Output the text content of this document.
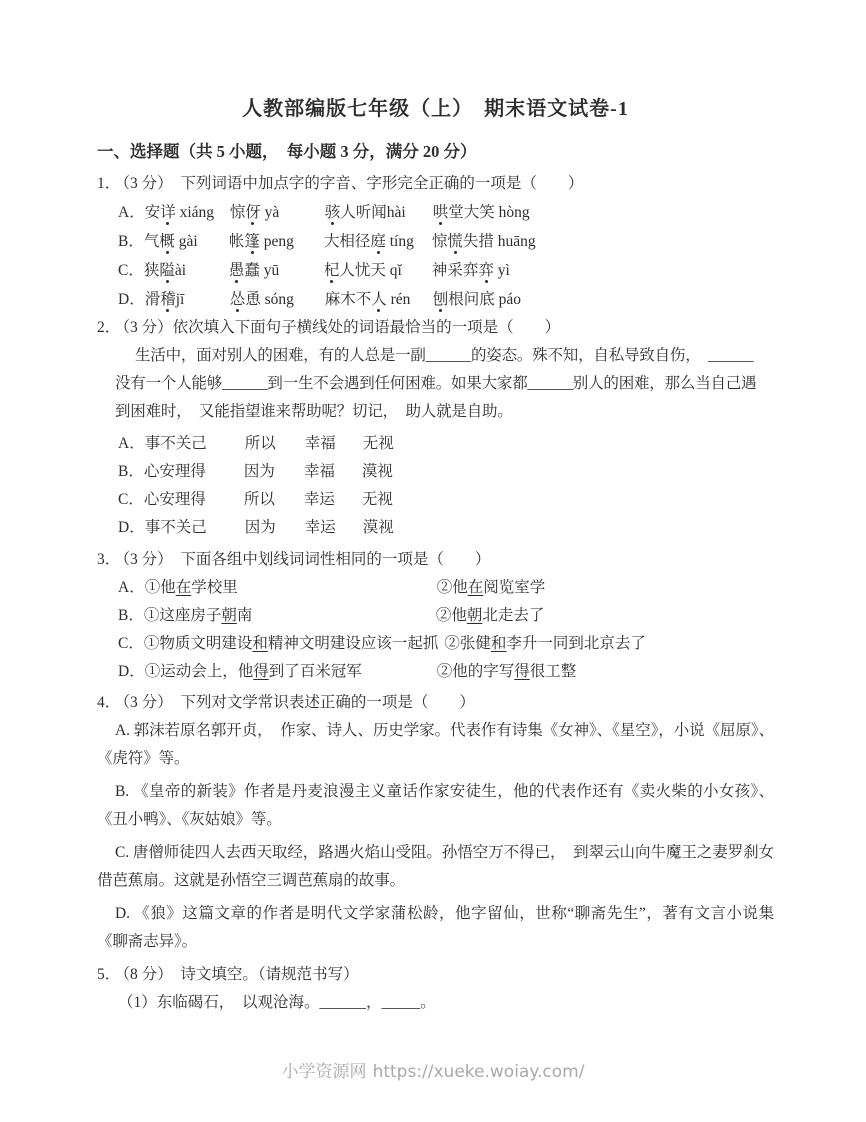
人教部编版七年级（上）　期末语文试卷-1
一、选择题（共 5 小题，　每小题 3 分，满分 20 分）

1． （3 分）　下列词语中加点字的字音、字形完全正确的一项是（　　）

A． 安详 xiáng	惊伢 yà	骇人听闻hài	哄堂大笑 hòng
B． 气概 gài	帐篷 peng	大相径庭 tíng	惊慌失措 huāng
C． 狭隘ài	愚蠢 yū	杞人忧天 qǐ	神采弈弈 yì
D． 滑稽jī	怂恿 sóng	麻木不人 rén	刨根问底 páo

2． （3 分）依次填入下面句子横线处的词语最恰当的一项是（　　）

生活中，面对别人的困难，有的人总是一副______的姿态。殊不知，自私导致自伤，　______
没有一个人能够______到一生不会遇到任何困难。如果大家都______别人的困难，那么当自己遇
到困难时，　又能指望谁来帮助呢？切记，　助人就是自助。
A． 事不关己	所以	幸福	无视
B． 心安理得	因为	幸福	漠视
C． 心安理得	所以	幸运	无视
D． 事不关己	因为	幸运	漠视

3． （3 分）　下面各组中划线词词性相同的一项是（　　）

A． ①他在学校里	②他在阅览室学
B． ①这座房子朝南	②他朝北走去了
C． ①物质文明建设和精神文明建设应该一起抓 ②张健和李升一同到北京去了
D． ①运动会上，他得到了百米冠军	②他的字写得很工整

4． （3 分）　下列对文学常识表述正确的一项是（　　）

A. 郭沫若原名郭开贞，　作家、诗人、历史学家。代表作有诗集《女神》、《星空》，小说《屈原》、《虎符》等。

B. 《皇帝的新装》作者是丹麦浪漫主义童话作家安徒生，他的代表作还有《卖火柴的小女孩》、《丑小鸭》、《灰姑娘》等。

C. 唐僧师徒四人去西天取经，路遇火焰山受阻。孙悟空万不得已，　到翠云山向牛魔王之妻罗刹女借芭蕉扇。这就是孙悟空三调芭蕉扇的故事。

D. 《狼》这篇文章的作者是明代文学家蒲松龄，他字留仙，世称“聊斋先生”，著有文言小说集《聊斋志异》。

5． （8 分）　诗文填空。（请规范书写）

（1）东临碣石，　以观沧海。______，_____。
小学资源网 https://xueke.woiay.com/
